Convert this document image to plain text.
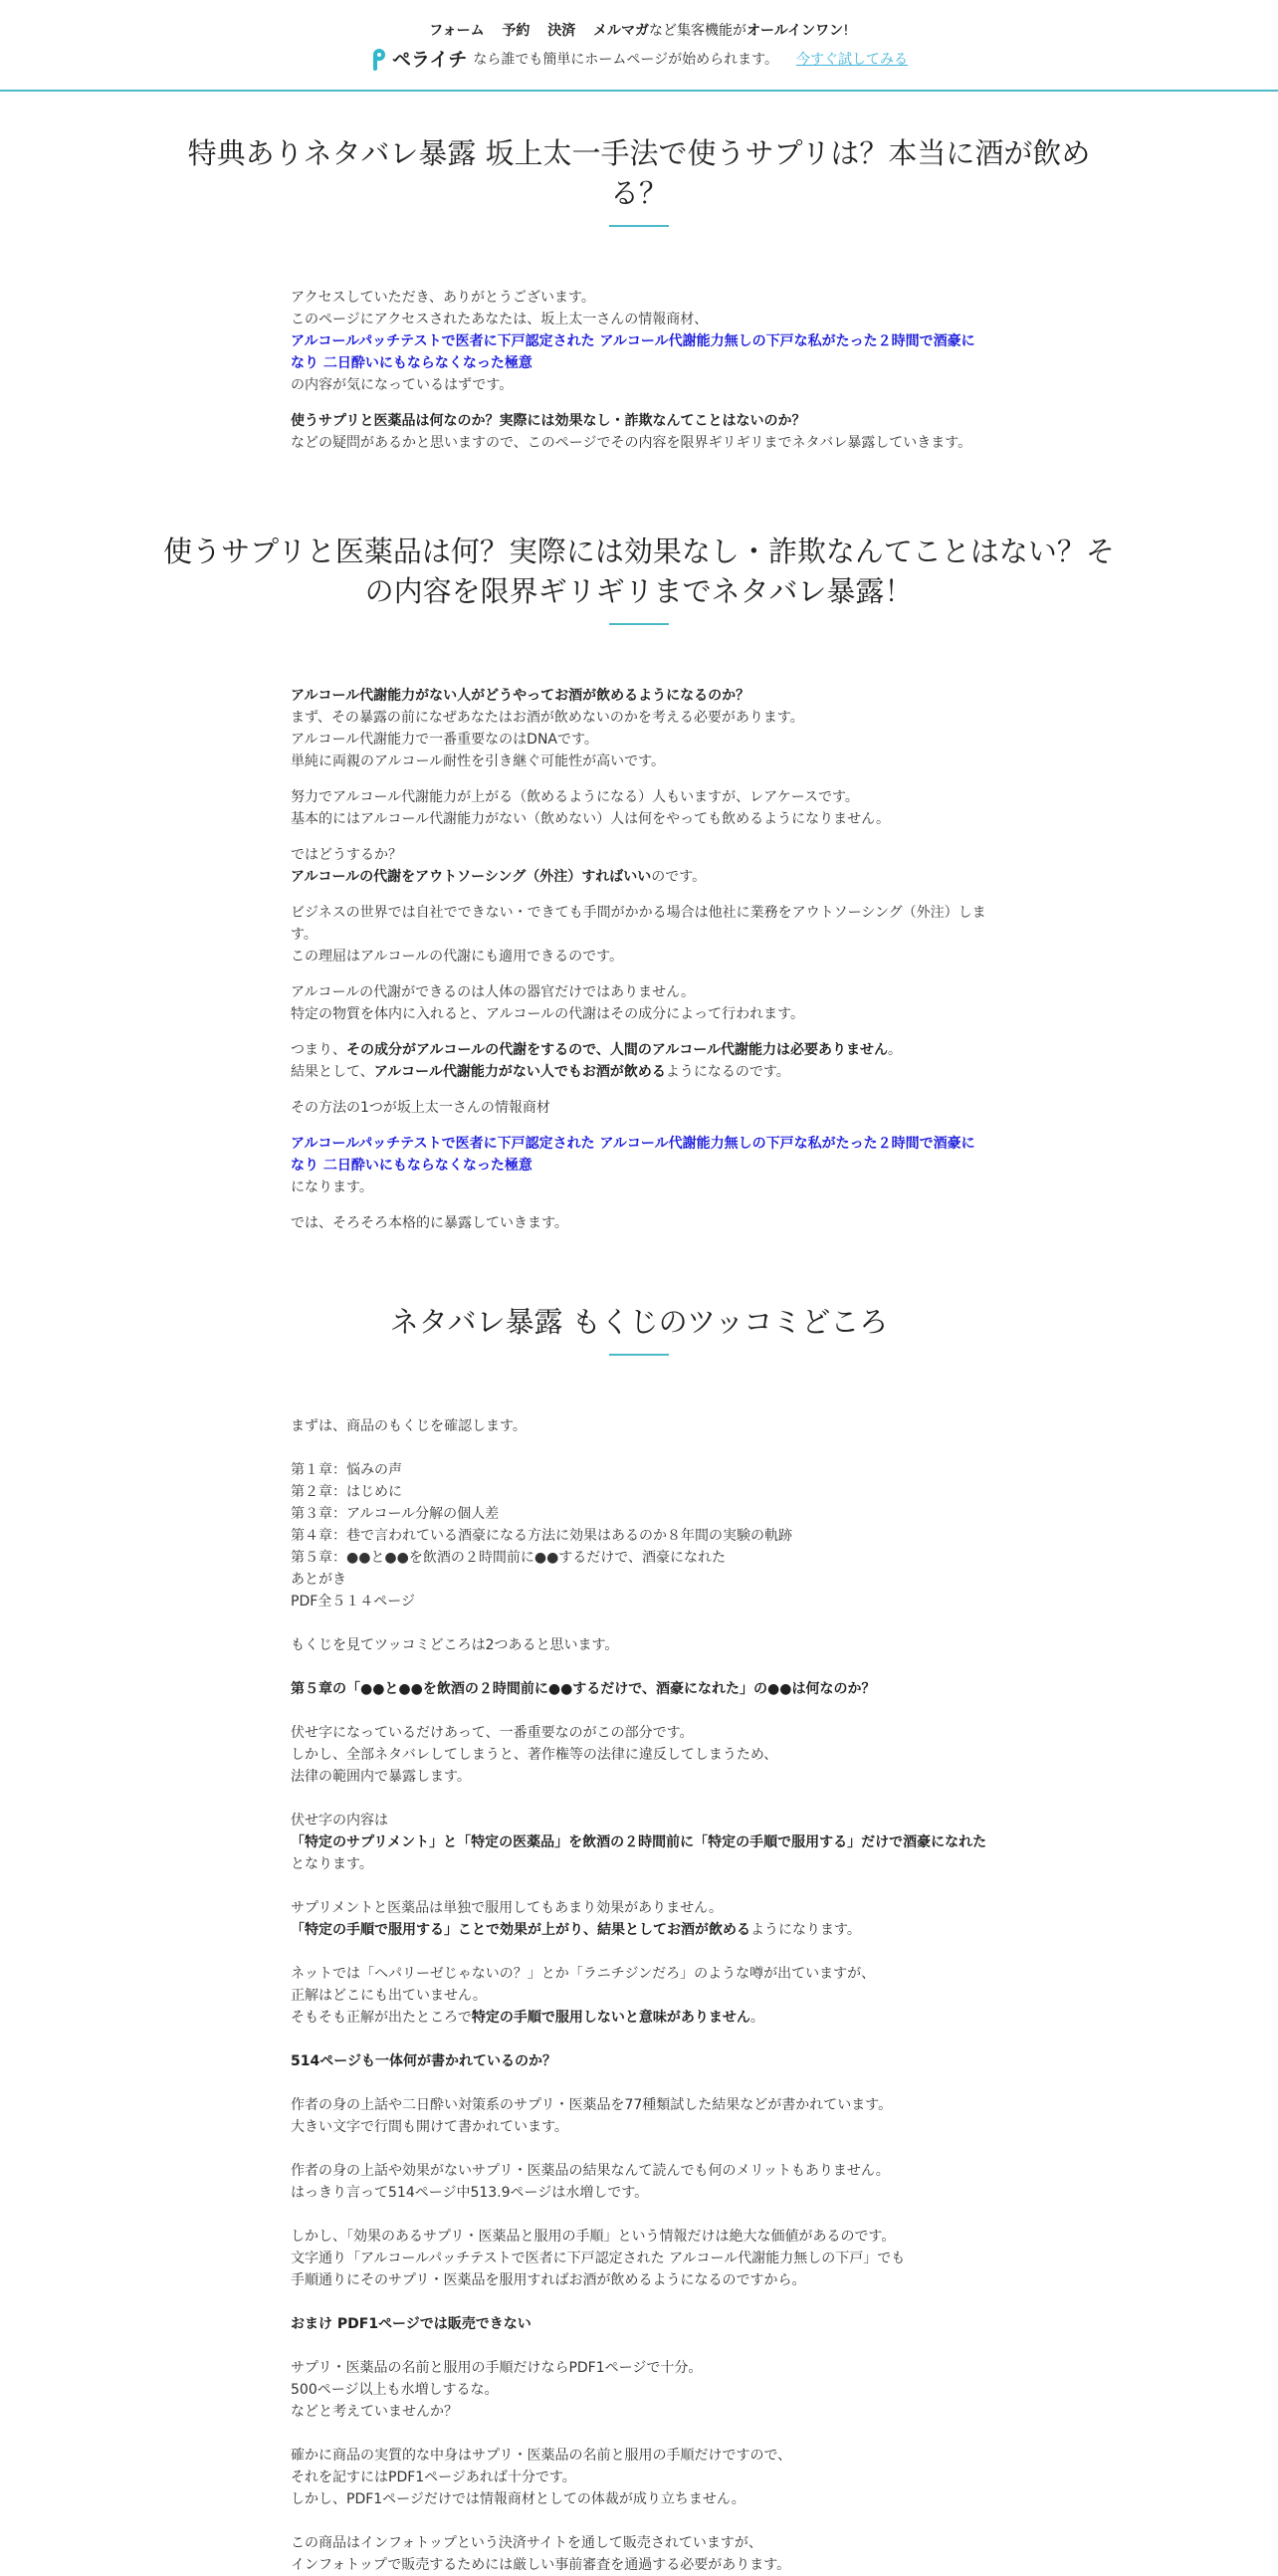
フォーム 予約 決済 メルマガなど集客機能がオールインワン!
ペライチ なら誰でも簡単にホームページが始められます。 今すぐ試してみる
特典ありネタバレ暴露 坂上太一手法で使うサプリは？本当に酒が飲める？

アクセスしていただき、ありがとうございます。

このページにアクセスされたあなたは、坂上太一さんの情報商材、

アルコールパッチテストで医者に下戸認定された アルコール代謝能力無しの下戸な私がたった２時間で酒豪になり 二日酔いにもならなくなった極意

の内容が気になっているはずです。

使うサプリと医薬品は何なのか？実際には効果なし・詐欺なんてことはないのか？

などの疑問があるかと思いますので、このページでその内容を限界ギリギリまでネタバレ暴露していきます。

使うサプリと医薬品は何？実際には効果なし・詐欺なんてことはない？その内容を限界ギリギリまでネタバレ暴露！

アルコール代謝能力がない人がどうやってお酒が飲めるようになるのか？

まず、その暴露の前になぜあなたはお酒が飲めないのかを考える必要があります。

アルコール代謝能力で一番重要なのはDNAです。

単純に両親のアルコール耐性を引き継ぐ可能性が高いです。

努力でアルコール代謝能力が上がる（飲めるようになる）人もいますが、レアケースです。

基本的にはアルコール代謝能力がない（飲めない）人は何をやっても飲めるようになりません。

ではどうするか？

アルコールの代謝をアウトソーシング（外注）すればいいのです。

ビジネスの世界では自社でできない・できても手間がかかる場合は他社に業務をアウトソーシング（外注）します。

この理屈はアルコールの代謝にも適用できるのです。

アルコールの代謝ができるのは人体の器官だけではありません。

特定の物質を体内に入れると、アルコールの代謝はその成分によって行われます。

つまり、その成分がアルコールの代謝をするので、人間のアルコール代謝能力は必要ありません。

結果として、アルコール代謝能力がない人でもお酒が飲めるようになるのです。

その方法の1つが坂上太一さんの情報商材

アルコールパッチテストで医者に下戸認定された アルコール代謝能力無しの下戸な私がたった２時間で酒豪になり 二日酔いにもならなくなった極意

になります。

では、そろそろ本格的に暴露していきます。

ネタバレ暴露 もくじのツッコミどころ

まずは、商品のもくじを確認します。

第１章：悩みの声

第２章：はじめに

第３章：アルコール分解の個人差

第４章：巷で言われている酒豪になる方法に効果はあるのか８年間の実験の軌跡

第５章：●●と●●を飲酒の２時間前に●●するだけで、酒豪になれた

あとがき

PDF全５１４ページ

もくじを見てツッコミどころは2つあると思います。

第５章の「●●と●●を飲酒の２時間前に●●するだけで、酒豪になれた」の●●は何なのか？

伏せ字になっているだけあって、一番重要なのがこの部分です。

しかし、全部ネタバレしてしまうと、著作権等の法律に違反してしまうため、

法律の範囲内で暴露します。

伏せ字の内容は

「特定のサプリメント」と「特定の医薬品」を飲酒の２時間前に「特定の手順で服用する」だけで酒豪になれた

となります。

サプリメントと医薬品は単独で服用してもあまり効果がありません。

「特定の手順で服用する」ことで効果が上がり、結果としてお酒が飲めるようになります。

ネットでは「ヘパリーゼじゃないの？」とか「ラニチジンだろ」のような噂が出ていますが、

正解はどこにも出ていません。

そもそも正解が出たところで特定の手順で服用しないと意味がありません。

514ページも一体何が書かれているのか？

作者の身の上話や二日酔い対策系のサプリ・医薬品を77種類試した結果などが書かれています。

大きい文字で行間も開けて書かれています。

作者の身の上話や効果がないサプリ・医薬品の結果なんて読んでも何のメリットもありません。

はっきり言って514ページ中513.9ページは水増しです。

しかし、「効果のあるサプリ・医薬品と服用の手順」という情報だけは絶大な価値があるのです。

文字通り「アルコールパッチテストで医者に下戸認定された アルコール代謝能力無しの下戸」でも

手順通りにそのサプリ・医薬品を服用すればお酒が飲めるようになるのですから。

おまけ PDF1ページでは販売できない

サプリ・医薬品の名前と服用の手順だけならPDF1ページで十分。

500ページ以上も水増しするな。

などと考えていませんか？

確かに商品の実質的な中身はサプリ・医薬品の名前と服用の手順だけですので、

それを記すにはPDF1ページあれば十分です。

しかし、PDF1ページだけでは情報商材としての体裁が成り立ちません。

この商品はインフォトップという決済サイトを通して販売されていますが、

インフォトップで販売するためには厳しい事前審査を通過する必要があります。
